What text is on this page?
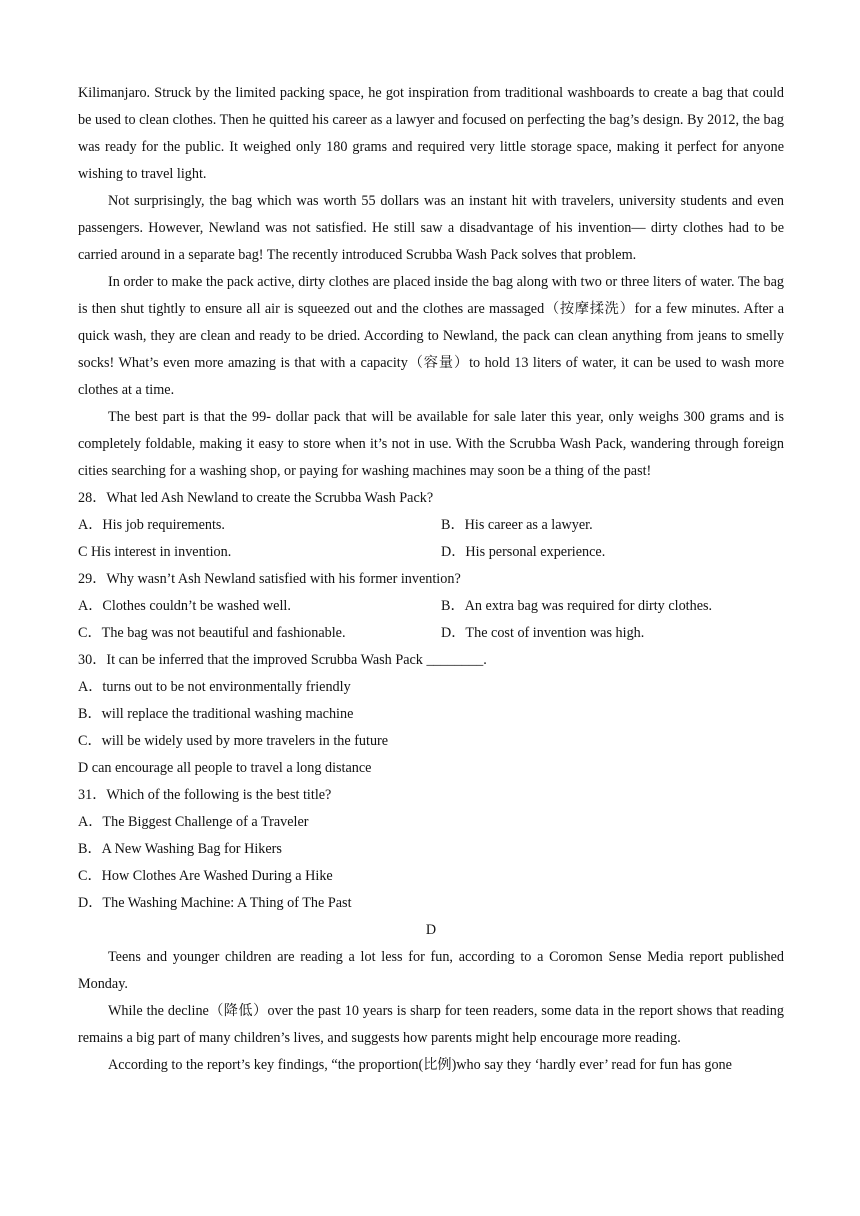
Kilimanjaro. Struck by the limited packing space, he got inspiration from traditional washboards to create a bag that could be used to clean clothes. Then he quitted his career as a lawyer and focused on perfecting the bag’s design. By 2012, the bag was ready for the public. It weighed only 180 grams and required very little storage space, making it perfect for anyone wishing to travel light.

Not surprisingly, the bag which was worth 55 dollars was an instant hit with travelers, university students and even passengers. However, Newland was not satisfied. He still saw a disadvantage of his invention— dirty clothes had to be carried around in a separate bag! The recently introduced Scrubba Wash Pack solves that problem.

In order to make the pack active, dirty clothes are placed inside the bag along with two or three liters of water. The bag is then shut tightly to ensure all air is squeezed out and the clothes are massaged（按摩揉洗）for a few minutes. After a quick wash, they are clean and ready to be dried. According to Newland, the pack can clean anything from jeans to smelly socks! What’s even more amazing is that with a capacity（容量）to hold 13 liters of water, it can be used to wash more clothes at a time.

The best part is that the 99- dollar pack that will be available for sale later this year, only weighs 300 grams and is completely foldable, making it easy to store when it’s not in use. With the Scrubba Wash Pack, wandering through foreign cities searching for a washing shop, or paying for washing machines may soon be a thing of the past!

28．What led Ash Newland to create the Scrubba Wash Pack?

A．His job requirements.	B．His career as a lawyer.

C His interest in invention.	D．His personal experience.

29．Why wasn’t Ash Newland satisfied with his former invention?

A．Clothes couldn’t be washed well.	B．An extra bag was required for dirty clothes.

C．The bag was not beautiful and fashionable.	D．The cost of invention was high.

30．It can be inferred that the improved Scrubba Wash Pack ________.

A．turns out to be not environmentally friendly

B．will replace the traditional washing machine

C．will be widely used by more travelers in the future

D can encourage all people to travel a long distance

31．Which of the following is the best title?

A．The Biggest Challenge of a Traveler

B．A New Washing Bag for Hikers

C．How Clothes Are Washed During a Hike

D．The Washing Machine: A Thing of The Past

D

Teens and younger children are reading a lot less for fun, according to a Coromon Sense Media report published Monday.

While the decline（降低）over the past 10 years is sharp for teen readers, some data in the report shows that reading remains a big part of many children’s lives, and suggests how parents might help encourage more reading.

According to the report’s key findings, “the proportion(比例)who say they ‘hardly ever’ read for fun has gone
